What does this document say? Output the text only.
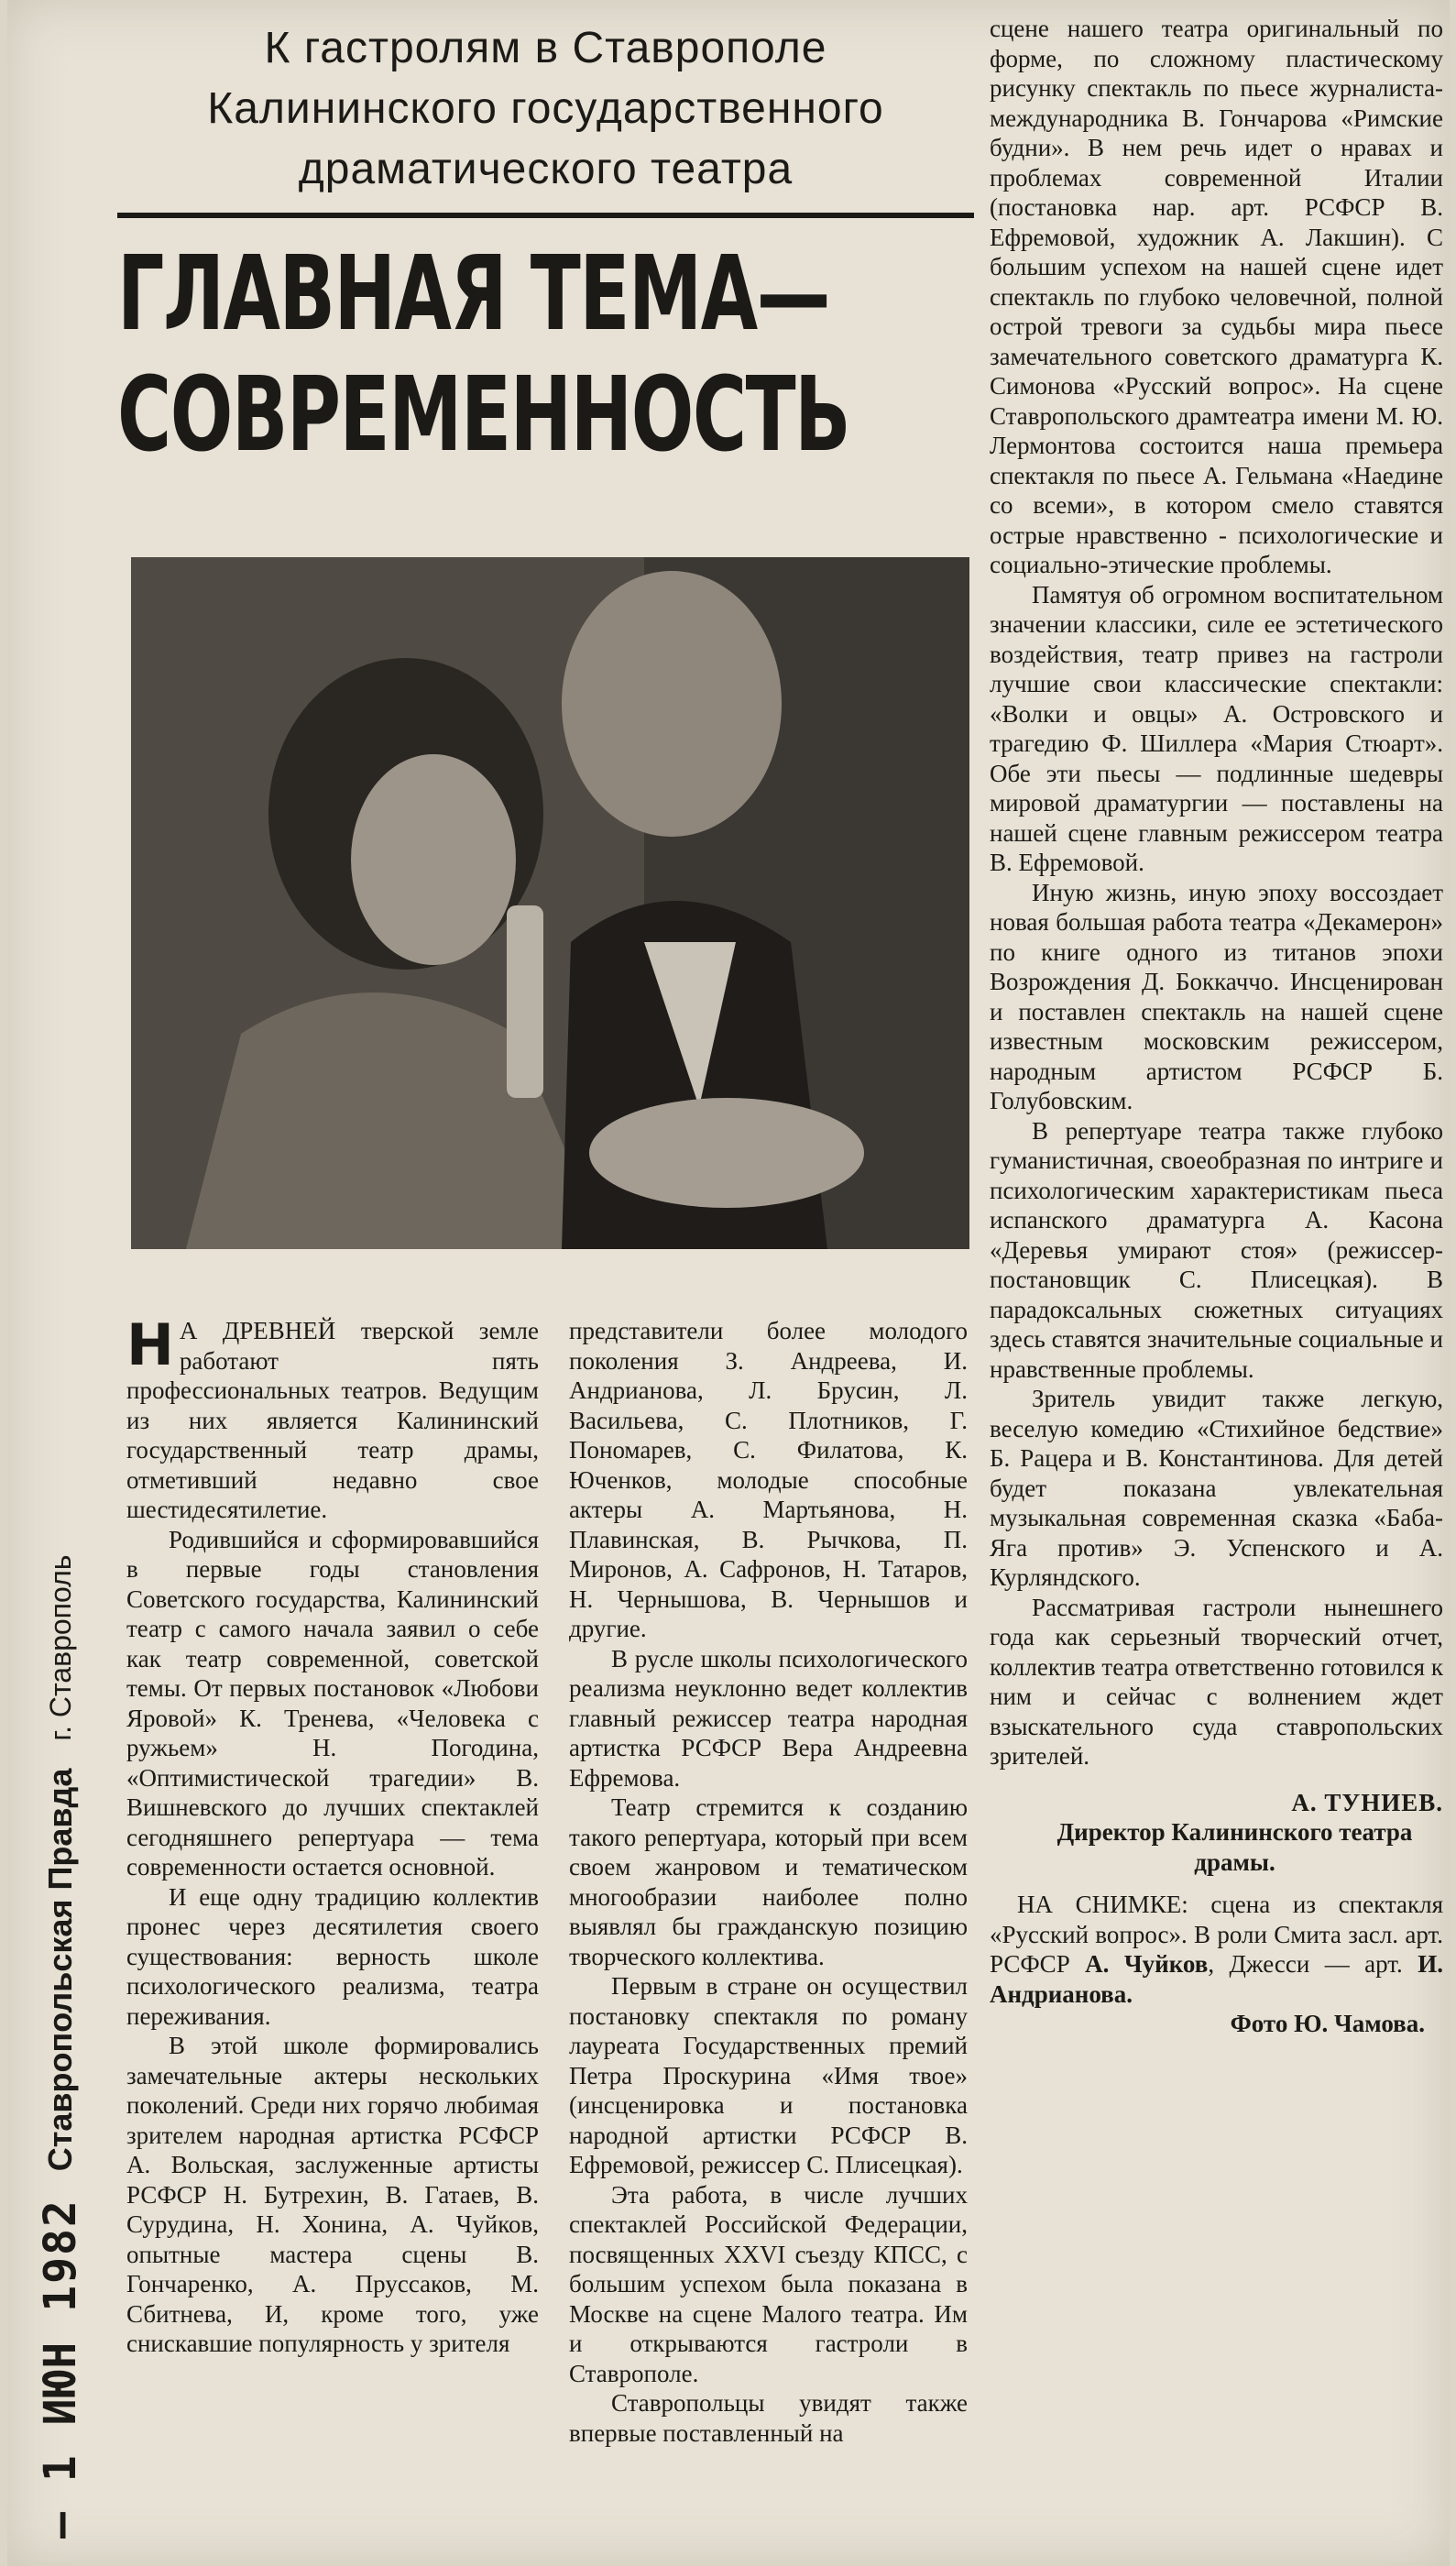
— 1 ИЮН 1982
Ставропольская Правда
г. Ставрополь
К гастролям в Ставрополе
Калининского государственного
драматического театра
ГЛАВНАЯ ТЕМА—
СОВРЕМЕННОСТЬ

Н А ДРЕВНЕЙ тверской земле работают пять профессиональных театров. Ведущим из них является Калининский государственный театр драмы, отметивший недавно свое шестидесятилетие.

Родившийся и сформировавшийся в первые годы становления Советского государства, Калининский театр с самого начала заявил о себе как театр современной, советской темы. От первых постановок «Любови Яровой» К. Тренева, «Человека с ружьем» Н. Погодина, «Оптимистической трагедии» В. Вишневского до лучших спектаклей сегодняшнего репертуара — тема современности остается основной.

И еще одну традицию коллектив пронес через десятилетия своего существования: верность школе психологического реализма, театра переживания.

В этой школе формировались замечательные актеры нескольких поколений. Среди них горячо любимая зрителем народная артистка РСФСР А. Вольская, заслуженные артисты РСФСР Н. Бутрехин, В. Гатаев, В. Сурудина, Н. Хонина, А. Чуйков, опытные мастера сцены В. Гончаренко, А. Пруссаков, М. Сбитнева, И, кроме того, уже снискавшие популярность у зрителя

представители более молодого поколения З. Андреева, И. Андрианова, Л. Брусин, Л. Васильева, С. Плотников, Г. Пономарев, С. Филатова, К. Юченков, молодые способные актеры А. Мартьянова, Н. Плавинская, В. Рычкова, П. Миронов, А. Сафронов, Н. Татаров, Н. Чернышова, В. Чернышов и другие.

В русле школы психологического реализма неуклонно ведет коллектив главный режиссер театра народная артистка РСФСР Вера Андреевна Ефремова.

Театр стремится к созданию такого репертуара, который при всем своем жанровом и тематическом многообразии наиболее полно выявлял бы гражданскую позицию творческого коллектива.

Первым в стране он осуществил постановку спектакля по роману лауреата Государственных премий Петра Проскурина «Имя твое» (инсценировка и постановка народной артистки РСФСР В. Ефремовой, режиссер С. Плисецкая).

Эта работа, в числе лучших спектаклей Российской Федерации, посвященных XXVI съезду КПСС, с большим успехом была показана в Москве на сцене Малого театра. Им и открываются гастроли в Ставрополе.

Ставропольцы увидят также впервые поставленный на

сцене нашего театра оригинальный по форме, по сложному пластическому рисунку спектакль по пьесе журналиста-международника В. Гончарова «Римские будни». В нем речь идет о нравах и проблемах современной Италии (постановка нар. арт. РСФСР В. Ефремовой, художник А. Лакшин). С большим успехом на нашей сцене идет спектакль по глубоко человечной, полной острой тревоги за судьбы мира пьесе замечательного советского драматурга К. Симонова «Русский вопрос». На сцене Ставропольского драмтеатра имени М. Ю. Лермонтова состоится наша премьера спектакля по пьесе А. Гельмана «Наедине со всеми», в котором смело ставятся острые нравственно - психологические и социально-этические проблемы.

Памятуя об огромном воспитательном значении классики, силе ее эстетического воздействия, театр привез на гастроли лучшие свои классические спектакли: «Волки и овцы» А. Островского и трагедию Ф. Шиллера «Мария Стюарт». Обе эти пьесы — подлинные шедевры мировой драматургии — поставлены на нашей сцене главным режиссером театра В. Ефремовой.

Иную жизнь, иную эпоху воссоздает новая большая работа театра «Декамерон» по книге одного из титанов эпохи Возрождения Д. Боккаччо. Инсценирован и поставлен спектакль на нашей сцене известным московским режиссером, народным артистом РСФСР Б. Голубовским.

В репертуаре театра также глубоко гуманистичная, своеобразная по интриге и психологическим характеристикам пьеса испанского драматурга А. Касона «Деревья умирают стоя» (режиссер-постановщик С. Плисецкая). В парадоксальных сюжетных ситуациях здесь ставятся значительные социальные и нравственные проблемы.

Зритель увидит также легкую, веселую комедию «Стихийное бедствие» Б. Рацера и В. Константинова. Для детей будет показана увлекательная музыкальная современная сказка «Баба-Яга против» Э. Успенского и А. Курляндского.

Рассматривая гастроли нынешнего года как серьезный творческий отчет, коллектив театра ответственно готовился к ним и сейчас с волнением ждет взыскательного суда ставропольских зрителей.

А. ТУНИЕВ.
Директор Калининского театра драмы.

НА СНИМКЕ: сцена из спектакля «Русский вопрос». В роли Смита засл. арт. РСФСР А. Чуйков, Джесси — арт. И. Андрианова.

Фото Ю. Чамова.
